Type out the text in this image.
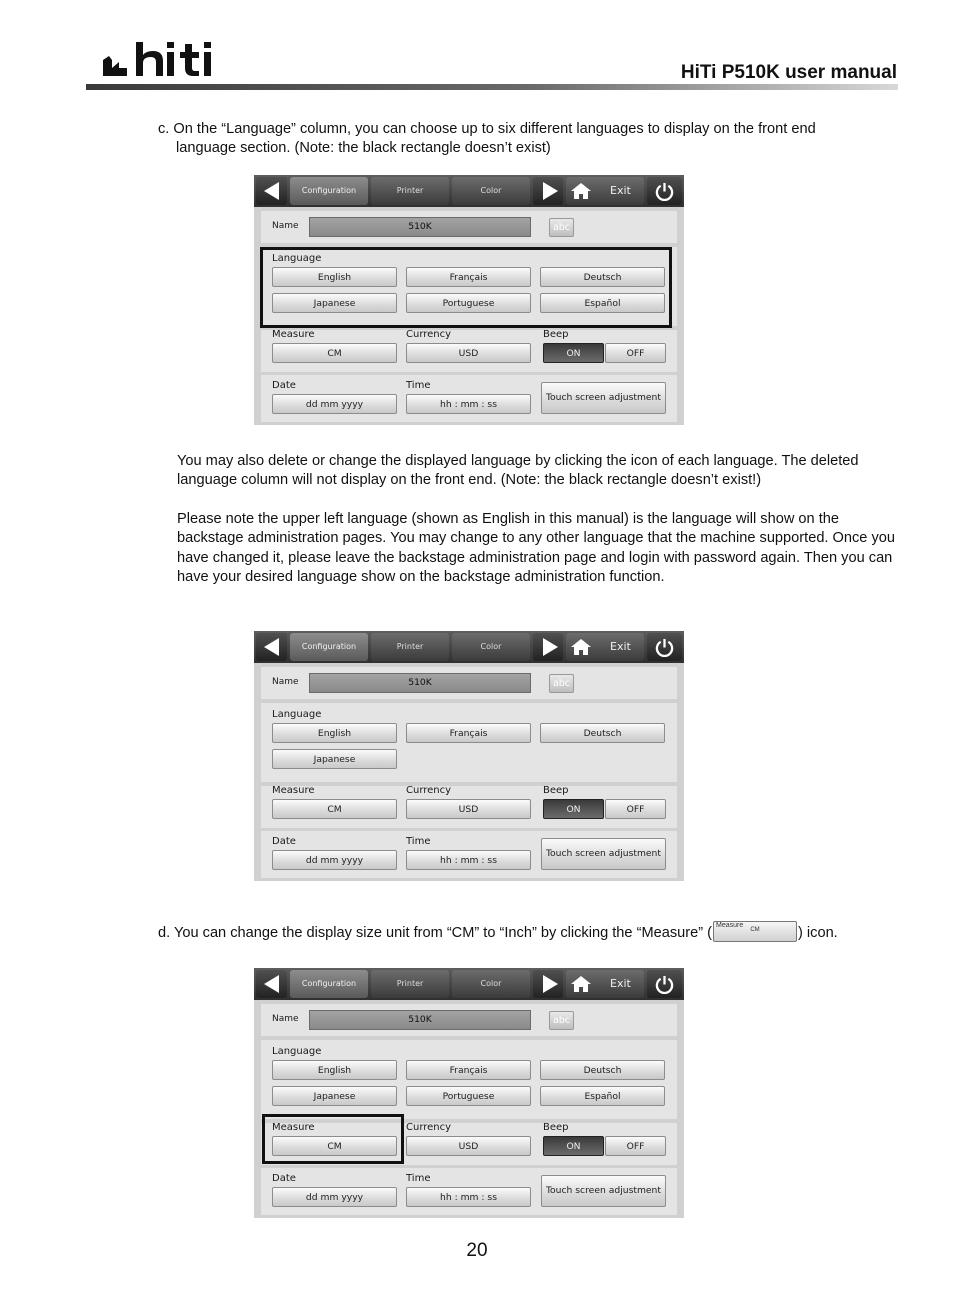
HiTi P510K user manual

c. On the “Language” column, you can choose up to six different languages to display on the front end
language section. (Note: the black rectangle doesn’t exist)

Configuration	Printer	Color	Exit
Name	510K	abc
Language
English	Français	Deutsch
Japanese	Portuguese	Español
Measure
CM
Currency
USD
Beep
ON	OFF
Date
dd mm yyyy
Time
hh : mm : ss
Touch screen adjustment

You may also delete or change the displayed language by clicking the icon of each language. The deleted language column will not display on the front end. (Note: the black rectangle doesn’t exist!)

Please note the upper left language (shown as English in this manual) is the language will show on the backstage administration pages. You may change to any other language that the machine supported. Once you have changed it, please leave the backstage administration page and login with password again. Then you can have your desired language show on the backstage administration function.

Configuration	Printer	Color	Exit
Name	510K	abc
Language
English	Français	Deutsch
Japanese
Measure
CM
Currency
USD
Beep
ON	OFF
Date
dd mm yyyy
Time
hh : mm : ss
Touch screen adjustment

d. You can change the display size unit from “CM” to “Inch” by clicking the “Measure” ( Measure
CM	) icon.

Configuration	Printer	Color	Exit
Name	510K	abc
Language
English	Français	Deutsch
Japanese	Portuguese	Español
Measure
CM
Currency
USD
Beep
ON	OFF
Date
dd mm yyyy
Time
hh : mm : ss
Touch screen adjustment
20
